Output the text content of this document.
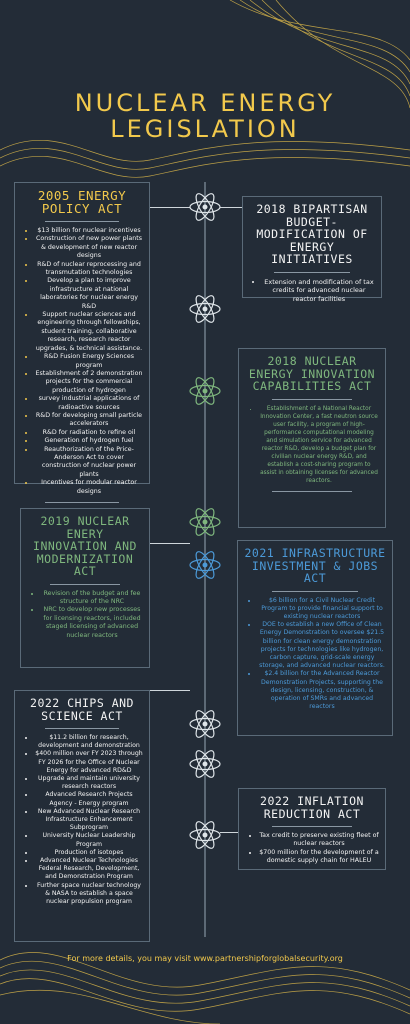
NUCLEAR ENERGY LEGISLATION
2005 ENERGY POLICY ACT
• $13 billion for nuclear incentives
• Construction of new power plants & development of new reactor designs
• R&D of nuclear reprocessing and transmutation technologies
• Develop a plan to improve infrastructure at national laboratories for nuclear energy R&D
• Support nuclear sciences and engineering through fellowships, student training, collaborative research, research reactor upgrades, & technical assistance.
• R&D Fusion Energy Sciences program
• Establishment of 2 demonstration projects for the commercial production of hydrogen
• survey industrial applications of radioactive sources
• R&D for developing small particle accelerators
• R&D for radiation to refine oil
• Generation of hydrogen fuel
• Reauthorization of the Price-Anderson Act to cover construction of nuclear power plants
• Incentives for modular reactor designs
2018 BIPARTISAN BUDGET-MODIFICATION OF ENERGY INITIATIVES
• Extension and modification of tax credits for advanced nuclear reactor facilities
2018 NUCLEAR ENERGY INNOVATION CAPABILITIES ACT
• Establishment of a National Reactor Innovation Center, a fast neutron source user facility, a program of high-performance computational modeling and simulation service for advanced reactor R&D, develop a budget plan for civilian nuclear energy R&D, and establish a cost-sharing program to assist in obtaining licenses for advanced reactors.
2019 NUCLEAR ENERY INNOVATION AND MODERNIZATION ACT
• Revision of the budget and fee structure of the NRC
• NRC to develop new processes for licensing reactors, included staged licensing of advanced nuclear reactors
2021 INFRASTRUCTURE INVESTMENT & JOBS ACT
• $6 billion for a Civil Nuclear Credit Program to provide financial support to existing nuclear reactors
• DOE to establish a new Office of Clean Energy Demonstration to oversee $21.5 billion for clean energy demonstration projects for technologies like hydrogen, carbon capture, grid-scale energy storage, and advanced nuclear reactors.
• $2.4 billion for the Advanced Reactor Demonstration Projects, supporting the design, licensing, construction, & operation of SMRs and advanced reactors
2022 CHIPS AND SCIENCE ACT
• $11.2 billion for research, development and demonstration
• $400 million over FY 2023 through FY 2026 for the Office of Nuclear Energy for advanced RD&D
• Upgrade and maintain university research reactors
• Advanced Research Projects Agency - Energy program
• New Advanced Nuclear Research Infrastructure Enhancement Subprogram
• University Nuclear Leadership Program
• Production of isotopes
• Advanced Nuclear Technologies Federal Research, Development, and Demonstration Program
• Further space nuclear technology & NASA to establish a space nuclear propulsion program
2022 INFLATION REDUCTION ACT
• Tax credit to preserve existing fleet of nuclear reactors
• $700 million for the development of a domestic supply chain for HALEU
For more details, you may visit www.partnershipforglobalsecurity.org
